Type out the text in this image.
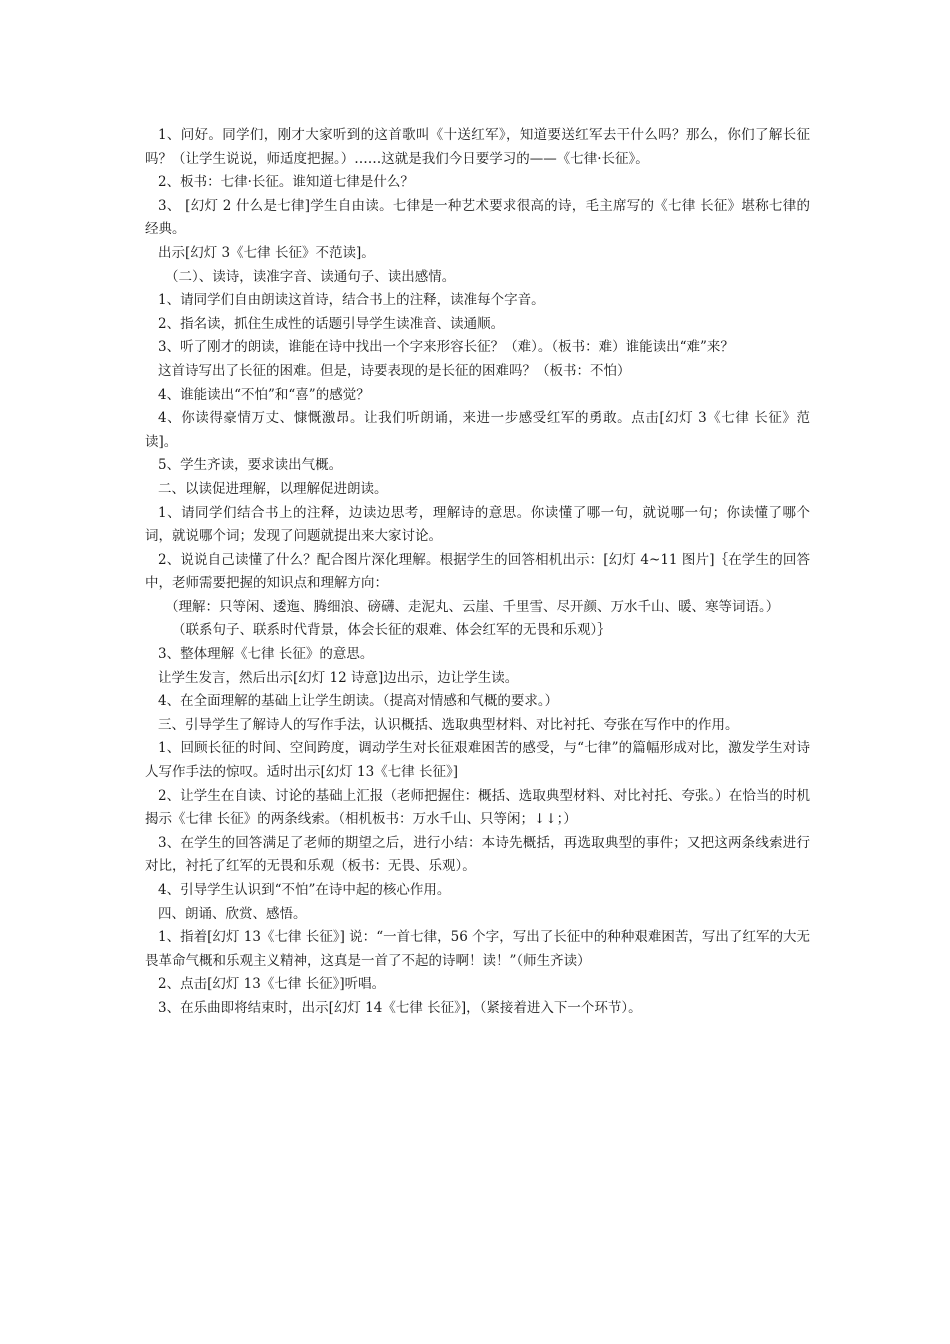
1、问好。同学们，刚才大家听到的这首歌叫《十送红军》，知道要送红军去干什么吗？那么，你们了解长征吗？（让学生说说，师适度把握。）……这就是我们今日要学习的——《七律·长征》。

2、板书：七律·长征。谁知道七律是什么？

3、 [幻灯 2 什么是七律]学生自由读。七律是一种艺术要求很高的诗，毛主席写的《七律 长征》堪称七律的经典。

出示[幻灯 3《七律 长征》不范读]。

（二）、读诗，读准字音、读通句子、读出感情。

1、请同学们自由朗读这首诗，结合书上的注释，读准每个字音。

2、指名读，抓住生成性的话题引导学生读准音、读通顺。

3、听了刚才的朗读，谁能在诗中找出一个字来形容长征？（难）。（板书：难）谁能读出“难”来？

这首诗写出了长征的困难。但是，诗要表现的是长征的困难吗？（板书：不怕）

4、谁能读出“不怕”和“喜”的感觉？

4、你读得豪情万丈、慷慨激昂。让我们听朗诵，来进一步感受红军的勇敢。点击[幻灯 3《七律 长征》范读]。

5、学生齐读，要求读出气概。

二、以读促进理解，以理解促进朗读。

1、请同学们结合书上的注释，边读边思考，理解诗的意思。你读懂了哪一句，就说哪一句；你读懂了哪个词，就说哪个词；发现了问题就提出来大家讨论。

2、说说自己读懂了什么？配合图片深化理解。根据学生的回答相机出示：[幻灯 4~11 图片]｛在学生的回答中，老师需要把握的知识点和理解方向：

（理解：只等闲、逶迤、腾细浪、磅礴、走泥丸、云崖、千里雪、尽开颜、万水千山、暖、寒等词语。）

（联系句子、联系时代背景，体会长征的艰难、体会红军的无畏和乐观）｝

3、整体理解《七律 长征》的意思。

让学生发言，然后出示[幻灯 12 诗意]边出示，边让学生读。

4、在全面理解的基础上让学生朗读。（提高对情感和气概的要求。）

三、引导学生了解诗人的写作手法，认识概括、选取典型材料、对比衬托、夸张在写作中的作用。

1、回顾长征的时间、空间跨度，调动学生对长征艰难困苦的感受，与“七律”的篇幅形成对比，激发学生对诗人写作手法的惊叹。适时出示[幻灯 13《七律 长征》]

2、让学生在自读、讨论的基础上汇报（老师把握住：概括、选取典型材料、对比衬托、夸张。）在恰当的时机揭示《七律 长征》的两条线索。（相机板书：万水千山、只等闲；↓↓；）

3、在学生的回答满足了老师的期望之后，进行小结：本诗先概括，再选取典型的事件；又把这两条线索进行对比，衬托了红军的无畏和乐观（板书：无畏、乐观）。

4、引导学生认识到“不怕”在诗中起的核心作用。

四、朗诵、欣赏、感悟。

1、指着[幻灯 13《七律 长征》] 说：“一首七律，56 个字，写出了长征中的种种艰难困苦，写出了红军的大无畏革命气概和乐观主义精神，这真是一首了不起的诗啊！读！”（师生齐读）

2、点击[幻灯 13《七律 长征》]听唱。

3、在乐曲即将结束时，出示[幻灯 14《七律 长征》]，（紧接着进入下一个环节）。
